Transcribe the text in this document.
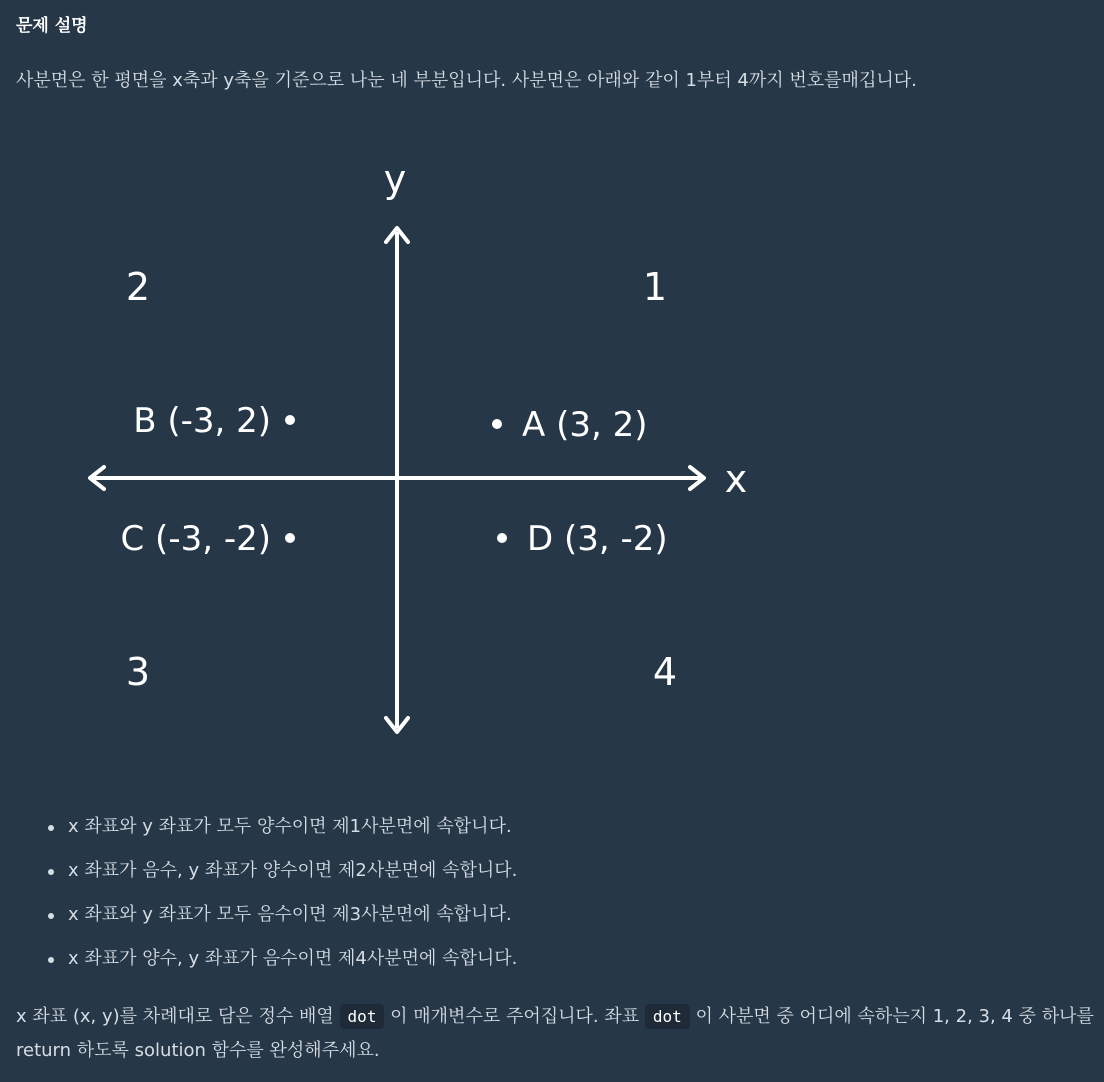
문제 설명

사분면은 한 평면을 x축과 y축을 기준으로 나눈 네 부분입니다. 사분면은 아래와 같이 1부터 4까지 번호를매깁니다.

y
x
1
2
3	4
A (3, 2)
B (-3, 2)
C (-3, -2)	D (3, -2)
x 좌표와 y 좌표가 모두 양수이면 제1사분면에 속합니다.
x 좌표가 음수, y 좌표가 양수이면 제2사분면에 속합니다.
x 좌표와 y 좌표가 모두 음수이면 제3사분면에 속합니다.
x 좌표가 양수, y 좌표가 음수이면 제4사분면에 속합니다.

x 좌표 (x, y)를 차례대로 담은 정수 배열 dot 이 매개변수로 주어집니다. 좌표 dot 이 사분면 중 어디에 속하는지 1, 2, 3, 4 중 하나를 return 하도록 solution 함수를 완성해주세요.
